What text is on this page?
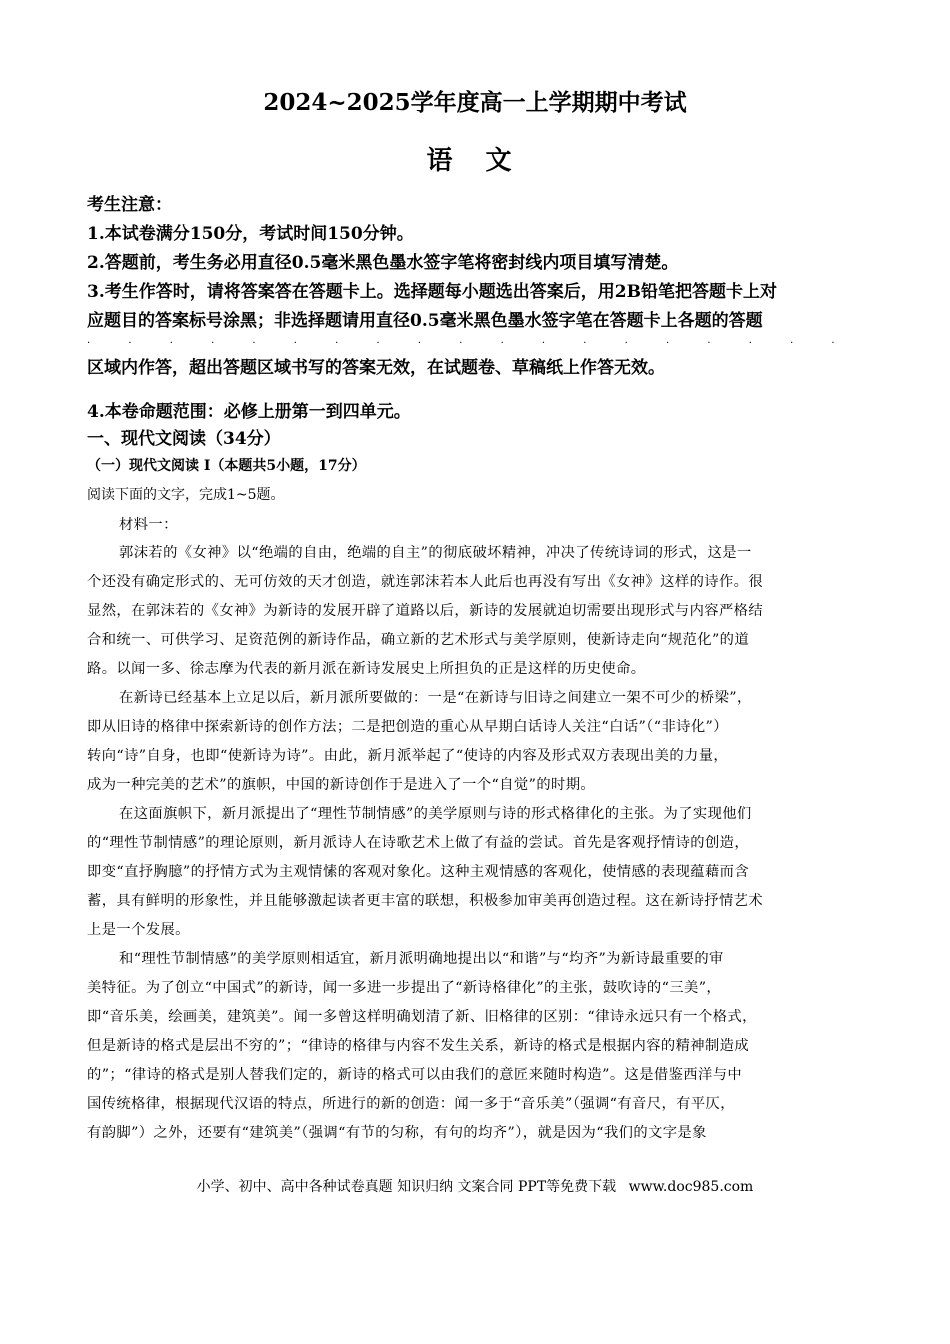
2024~2025学年度高一上学期期中考试
语 文
考生注意：
1.本试卷满分150分，考试时间150分钟。
2.答题前，考生务必用直径0.5毫米黑色墨水签字笔将密封线内项目填写清楚。
3.考生作答时，请将答案答在答题卡上。选择题每小题选出答案后，用2B铅笔把答题卡上对
应题目的答案标号涂黑；非选择题请用直径0.5毫米黑色墨水签字笔在答题卡上各题的答题
区域内作答，超出答题区域书写的答案无效，在试题卷、草稿纸上作答无效。
4.本卷命题范围：必修上册第一到四单元。
· · · · · · · · · · · · · · · · · · ·
一、现代文阅读（34分）
（一）现代文阅读 I（本题共5小题，17分）
阅读下面的文字，完成1~5题。
材料一：
郭沫若的《女神》以“绝端的自由，绝端的自主”的彻底破坏精神，冲决了传统诗词的形式，这是一
个还没有确定形式的、无可仿效的天才创造，就连郭沫若本人此后也再没有写出《女神》这样的诗作。很
显然，在郭沫若的《女神》为新诗的发展开辟了道路以后，新诗的发展就迫切需要出现形式与内容严格结
合和统一、可供学习、足资范例的新诗作品，确立新的艺术形式与美学原则，使新诗走向“规范化”的道
路。以闻一多、徐志摩为代表的新月派在新诗发展史上所担负的正是这样的历史使命。
在新诗已经基本上立足以后，新月派所要做的：一是“在新诗与旧诗之间建立一架不可少的桥梁”，
即从旧诗的格律中探索新诗的创作方法；二是把创造的重心从早期白话诗人关注“白话”（“非诗化”）
转向“诗”自身，也即“使新诗为诗”。由此，新月派举起了“使诗的内容及形式双方表现出美的力量，
成为一种完美的艺术”的旗帜，中国的新诗创作于是进入了一个“自觉”的时期。
在这面旗帜下，新月派提出了“理性节制情感”的美学原则与诗的形式格律化的主张。为了实现他们
的“理性节制情感”的理论原则，新月派诗人在诗歌艺术上做了有益的尝试。首先是客观抒情诗的创造，
即变“直抒胸臆”的抒情方式为主观情愫的客观对象化。这种主观情感的客观化，使情感的表现蕴藉而含
蓄，具有鲜明的形象性，并且能够激起读者更丰富的联想，积极参加审美再创造过程。这在新诗抒情艺术
上是一个发展。
和“理性节制情感”的美学原则相适宜，新月派明确地提出以“和谐”与“均齐”为新诗最重要的审
美特征。为了创立“中国式”的新诗，闻一多进一步提出了“新诗格律化”的主张，鼓吹诗的“三美”，
即“音乐美，绘画美，建筑美”。闻一多曾这样明确划清了新、旧格律的区别：“律诗永远只有一个格式，
但是新诗的格式是层出不穷的”；“律诗的格律与内容不发生关系，新诗的格式是根据内容的精神制造成
的”；“律诗的格式是别人替我们定的，新诗的格式可以由我们的意匠来随时构造”。这是借鉴西洋与中
国传统格律，根据现代汉语的特点，所进行的新的创造：闻一多于“音乐美”（强调“有音尺，有平仄，
有韵脚”）之外，还要有“建筑美”（强调“有节的匀称，有句的均齐”），就是因为“我们的文字是象
小学、初中、高中各种试卷真题 知识归纳 文案合同 PPT等免费下载 www.doc985.com
